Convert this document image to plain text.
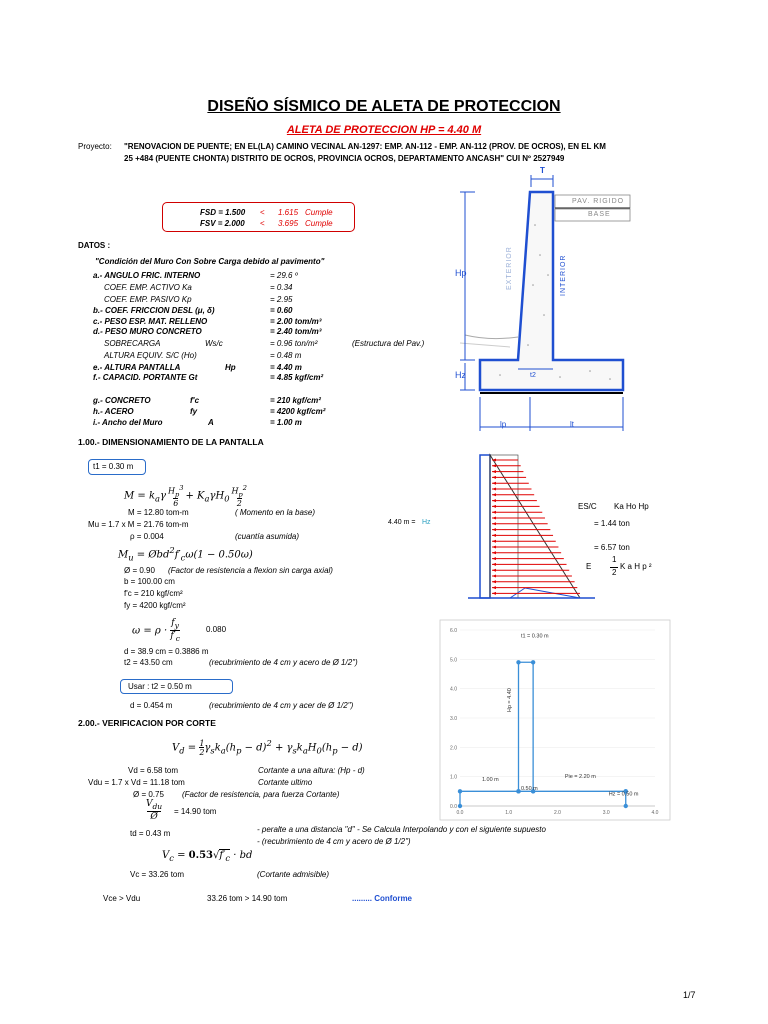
DISEÑO SÍSMICO DE ALETA DE PROTECCION
ALETA DE PROTECCION HP = 4.40 M
Proyecto: "RENOVACION DE PUENTE; EN EL(LA) CAMINO VECINAL AN-1297: EMP. AN-112 - EMP. AN-112 (PROV. DE OCROS), EN EL KM
25 +484 (PUENTE CHONTA) DISTRITO DE OCROS, PROVINCIA OCROS, DEPARTAMENTO ANCASH" CUI Nº 2527949
FSD = 1.500 < 1.615 Cumple
FSV = 2.000 < 3.695 Cumple
DATOS :
"Condición del Muro Con Sobre Carga debido al pavimento"
a.- ANGULO FRIC. INTERNO	= 29.6 º
COEF. EMP. ACTIVO Ka	= 0.34
COEF. EMP. PASIVO Kp	= 2.95
b.- COEF. FRICCION DESL (μ, δ)	= 0.60
c.- PESO ESP. MAT. RELLENO	= 2.00 tom/m³
d.- PESO MURO CONCRETO	= 2.40 tom/m³
SOBRECARGA	Ws/c	= 0.96 ton/m²	(Estructura del Pav.)
ALTURA EQUIV. S/C (Ho)	= 0.48 m
e.- ALTURA PANTALLA	Hp	= 4.40 m
f.- CAPACID. PORTANTE Gt	= 4.85 kgf/cm²
g.- CONCRETO	f'c	= 210 kgf/cm²
h.- ACERO	fy	= 4200 kgf/cm²
i.- Ancho del Muro	A	= 1.00 m
T
PAV. RIGIDO
BASE
Hp
Hz	t2
EXTERIOR	INTERIOR
lp	lt
1.00.- DIMENSIONAMIENTO DE LA PANTALLA
t1 = 0.30 m
$M = k_a\gamma$ $H_p^3$
$6+ K_a\gamma H_0H_p^2$
2
M = 12.80 tom-m	( Momento en la base)
Mu = 1.7 x M = 21.76 tom-m
ρ = 0.004	(cuantía asumida)
$M_u$ = $Øbd^2f'_c\omega(1 - 0.50\omega)$
Ø = 0.90 (Factor de resistencia a flexion sin carga axial)
b = 100.00 cm
f'c = 210 kgf/cm²
fy = 4200 kgf/cm²
$\omega = \rho \cdot f_y$
$f'_c$
0.080
d = 38.9 cm = 0.3886 m
t2 = 43.50 cm	(recubrimiento de 4 cm y acero de Ø 1/2")
Usar : t2 = 0.50 m
d = 0.454 m	(recubrimiento de 4 cm y acer de Ø 1/2")
4.40 m = Hz
ES/C Ka Ho Hp
= 1.44 ton
= 6.57 ton
E
1
2
K a H p ²
0.0
1.0
2.0
3.0
4.0
5.0
6.0
0.0	1.0	2.0	3.0	4.0
t1 = 0.30 m
Hp = 4.40
1.00 m
0.50 m
Pie = 2.20 m
Hz = 0.50 m
2.00.- VERIFICACION POR CORTE
$V_d = 1$
$2\gamma_sk_a(h_p - d)^2 + \gamma_sk_aH_0(h_p - d)$
Vd = 6.58 tom	Cortante a una altura: (Hp - d)
Vdu = 1.7 x Vd = 11.18 tom	Cortante ultimo
Ø = 0.75 (Factor de resistencia, para fuerza Cortante)
$V_{du}$
Ø
= 14.90 tom
td = 0.43 m	- peralte a una distancia "d" - Se Calcula Interpolando y con el siguiente supuesto
- (recubrimiento de 4 cm y acero de Ø 1/2")
$V_c = 0.53√f'_c$ · bd
Vc = 33.26 tom	(Cortante admisible)
Vce > Vdu	33.26 tom > 14.90 tom	......... Conforme
1/7
